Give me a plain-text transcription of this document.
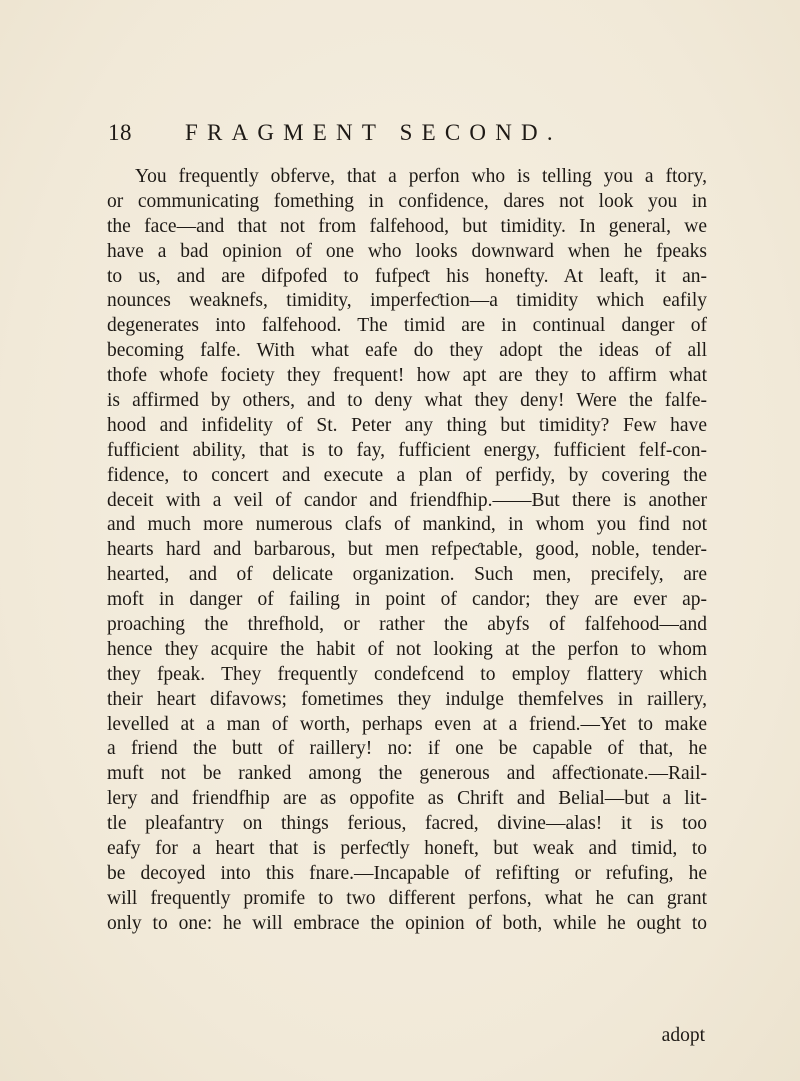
18 FRAGMENT SECOND.
You frequently obferve, that a perfon who is telling you a ftory,
or communicating fomething in confidence, dares not look you in
the face—and that not from falfehood, but timidity. In general, we
have a bad opinion of one who looks downward when he fpeaks
to us, and are difpofed to fufpeƈt his honefty. At leaft, it an-
nounces weaknefs, timidity, imperfeƈtion—a timidity which eafily
degenerates into falfehood. The timid are in continual danger of
becoming falfe. With what eafe do they adopt the ideas of all
thofe whofe fociety they frequent! how apt are they to affirm what
is affirmed by others, and to deny what they deny! Were the falfe-
hood and infidelity of St. Peter any thing but timidity? Few have
fufficient ability, that is to fay, fufficient energy, fufficient felf-con-
fidence, to concert and execute a plan of perfidy, by covering the
deceit with a veil of candor and friendfhip.——But there is another
and much more numerous clafs of mankind, in whom you find not
hearts hard and barbarous, but men refpeƈtable, good, noble, tender-
hearted, and of delicate organization. Such men, precifely, are
moft in danger of failing in point of candor; they are ever ap-
proaching the threfhold, or rather the abyfs of falfehood—and
hence they acquire the habit of not looking at the perfon to whom
they fpeak. They frequently condefcend to employ flattery which
their heart difavows; fometimes they indulge themfelves in raillery,
levelled at a man of worth, perhaps even at a friend.—Yet to make
a friend the butt of raillery! no: if one be capable of that, he
muft not be ranked among the generous and affeƈtionate.—Rail-
lery and friendfhip are as oppofite as Chrift and Belial—but a lit-
tle pleafantry on things ferious, facred, divine—alas! it is too
eafy for a heart that is perfeƈtly honeft, but weak and timid, to
be decoyed into this fnare.—Incapable of refifting or refufing, he
will frequently promife to two different perfons, what he can grant
only to one: he will embrace the opinion of both, while he ought to
adopt
